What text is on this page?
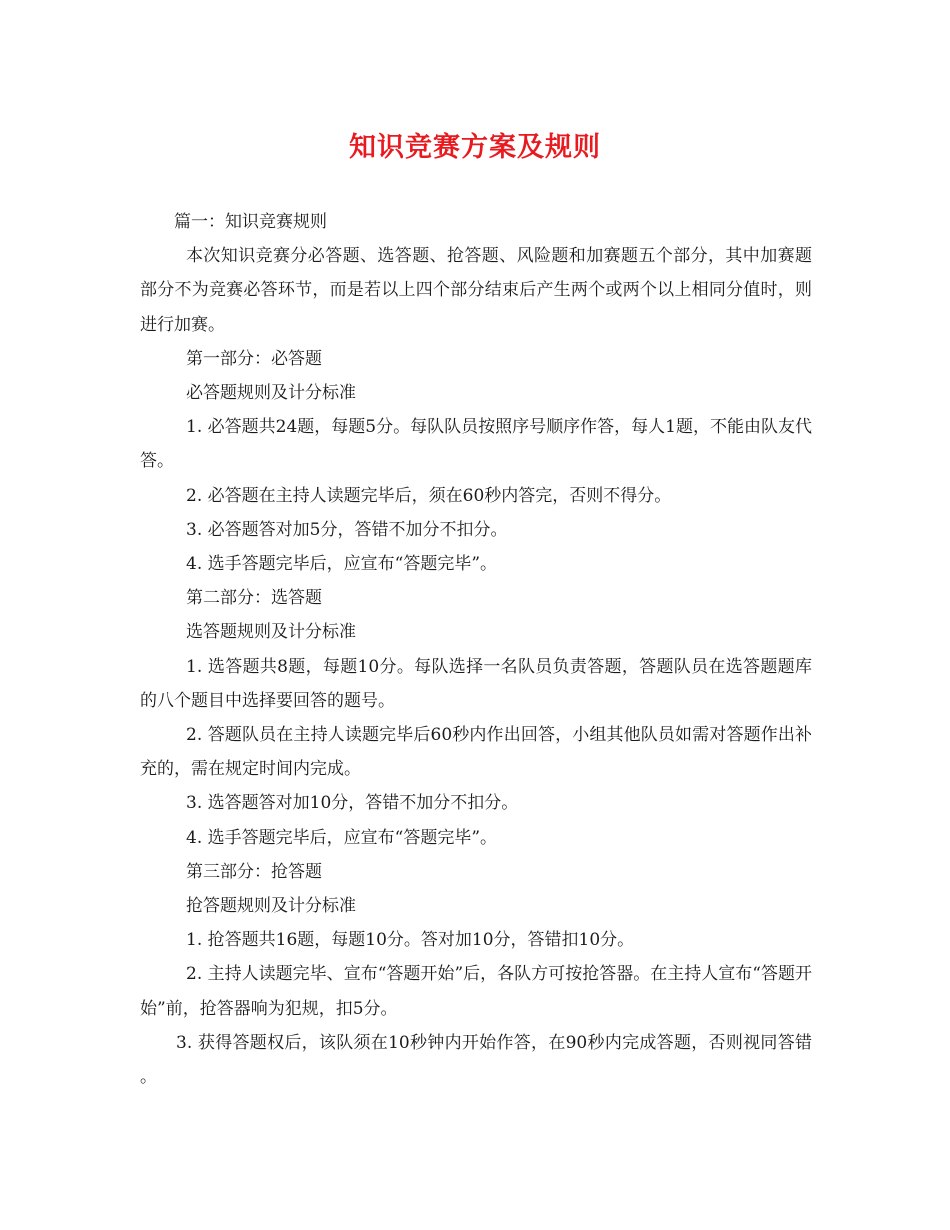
知识竞赛方案及规则

篇一：知识竞赛规则

本次知识竞赛分必答题、选答题、抢答题、风险题和加赛题五个部分，其中加赛题部分不为竞赛必答环节，而是若以上四个部分结束后产生两个或两个以上相同分值时，则进行加赛。

第一部分：必答题

必答题规则及计分标准

1. 必答题共24题，每题5分。每队队员按照序号顺序作答，每人1题，不能由队友代答。

2. 必答题在主持人读题完毕后，须在60秒内答完，否则不得分。

3. 必答题答对加5分，答错不加分不扣分。

4. 选手答题完毕后，应宣布“答题完毕”。

第二部分：选答题

选答题规则及计分标准

1. 选答题共8题，每题10分。每队选择一名队员负责答题，答题队员在选答题题库的八个题目中选择要回答的题号。

2. 答题队员在主持人读题完毕后60秒内作出回答，小组其他队员如需对答题作出补充的，需在规定时间内完成。

3. 选答题答对加10分，答错不加分不扣分。

4. 选手答题完毕后，应宣布“答题完毕”。

第三部分：抢答题

抢答题规则及计分标准

1. 抢答题共16题，每题10分。答对加10分，答错扣10分。

2. 主持人读题完毕、宣布“答题开始”后，各队方可按抢答器。在主持人宣布“答题开始”前，抢答器响为犯规，扣5分。

3. 获得答题权后，该队须在10秒钟内开始作答，在90秒内完成答题，否则视同答错。
